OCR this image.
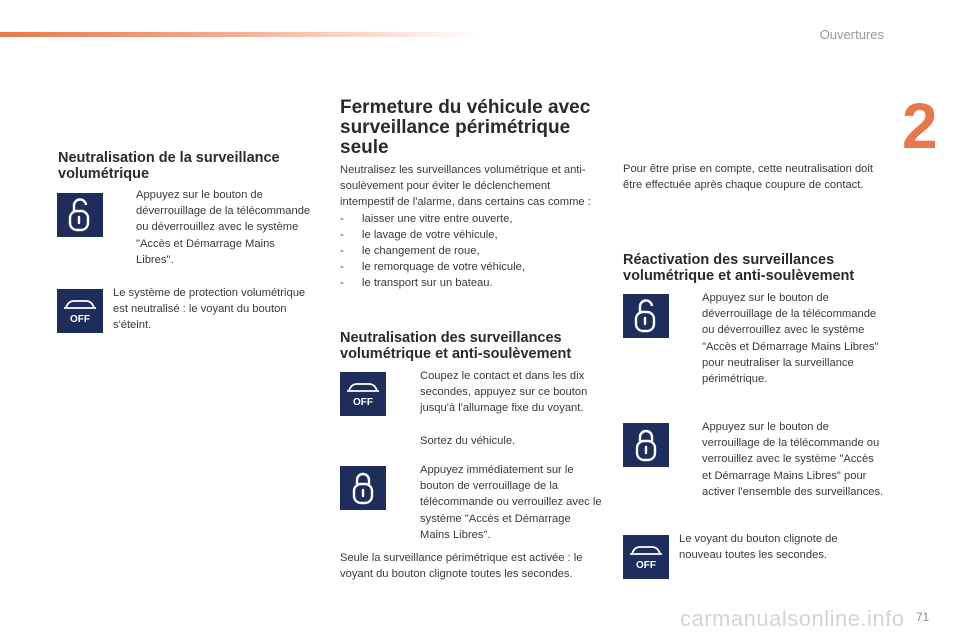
Ouvertures
2
71
carmanualsonline.info
Neutralisation de la surveillance volumétrique
Appuyez sur le bouton de déverrouillage de la télécommande ou déverrouillez avec le système "Accès et Démarrage Mains Libres".
OFF
Le système de protection volumétrique est neutralisé : le voyant du bouton s'éteint.
Fermeture du véhicule avec surveillance périmétrique seule
Neutralisez les surveillances volumétrique et anti-soulèvement pour éviter le déclenchement intempestif de l'alarme, dans certains cas comme :
- laisser une vitre entre ouverte,
- le lavage de votre véhicule,
- le changement de roue,
- le remorquage de votre véhicule,
- le transport sur un bateau.
Neutralisation des surveillances volumétrique et anti-soulèvement
OFF
Coupez le contact et dans les dix secondes, appuyez sur ce bouton jusqu'à l'allumage fixe du voyant.
Sortez du véhicule.
Appuyez immédiatement sur le bouton de verrouillage de la télécommande ou verrouillez avec le système "Accès et Démarrage Mains Libres".
Seule la surveillance périmétrique est activée : le voyant du bouton clignote toutes les secondes.
Pour être prise en compte, cette neutralisation doit être effectuée après chaque coupure de contact.
Réactivation des surveillances volumétrique et anti-soulèvement
Appuyez sur le bouton de déverrouillage de la télécommande ou déverrouillez avec le système "Accès et Démarrage Mains Libres" pour neutraliser la surveillance périmétrique.
Appuyez sur le bouton de verrouillage de la télécommande ou verrouillez avec le système "Accès et Démarrage Mains Libres" pour activer l'ensemble des surveillances.
OFF
Le voyant du bouton clignote de nouveau toutes les secondes.
